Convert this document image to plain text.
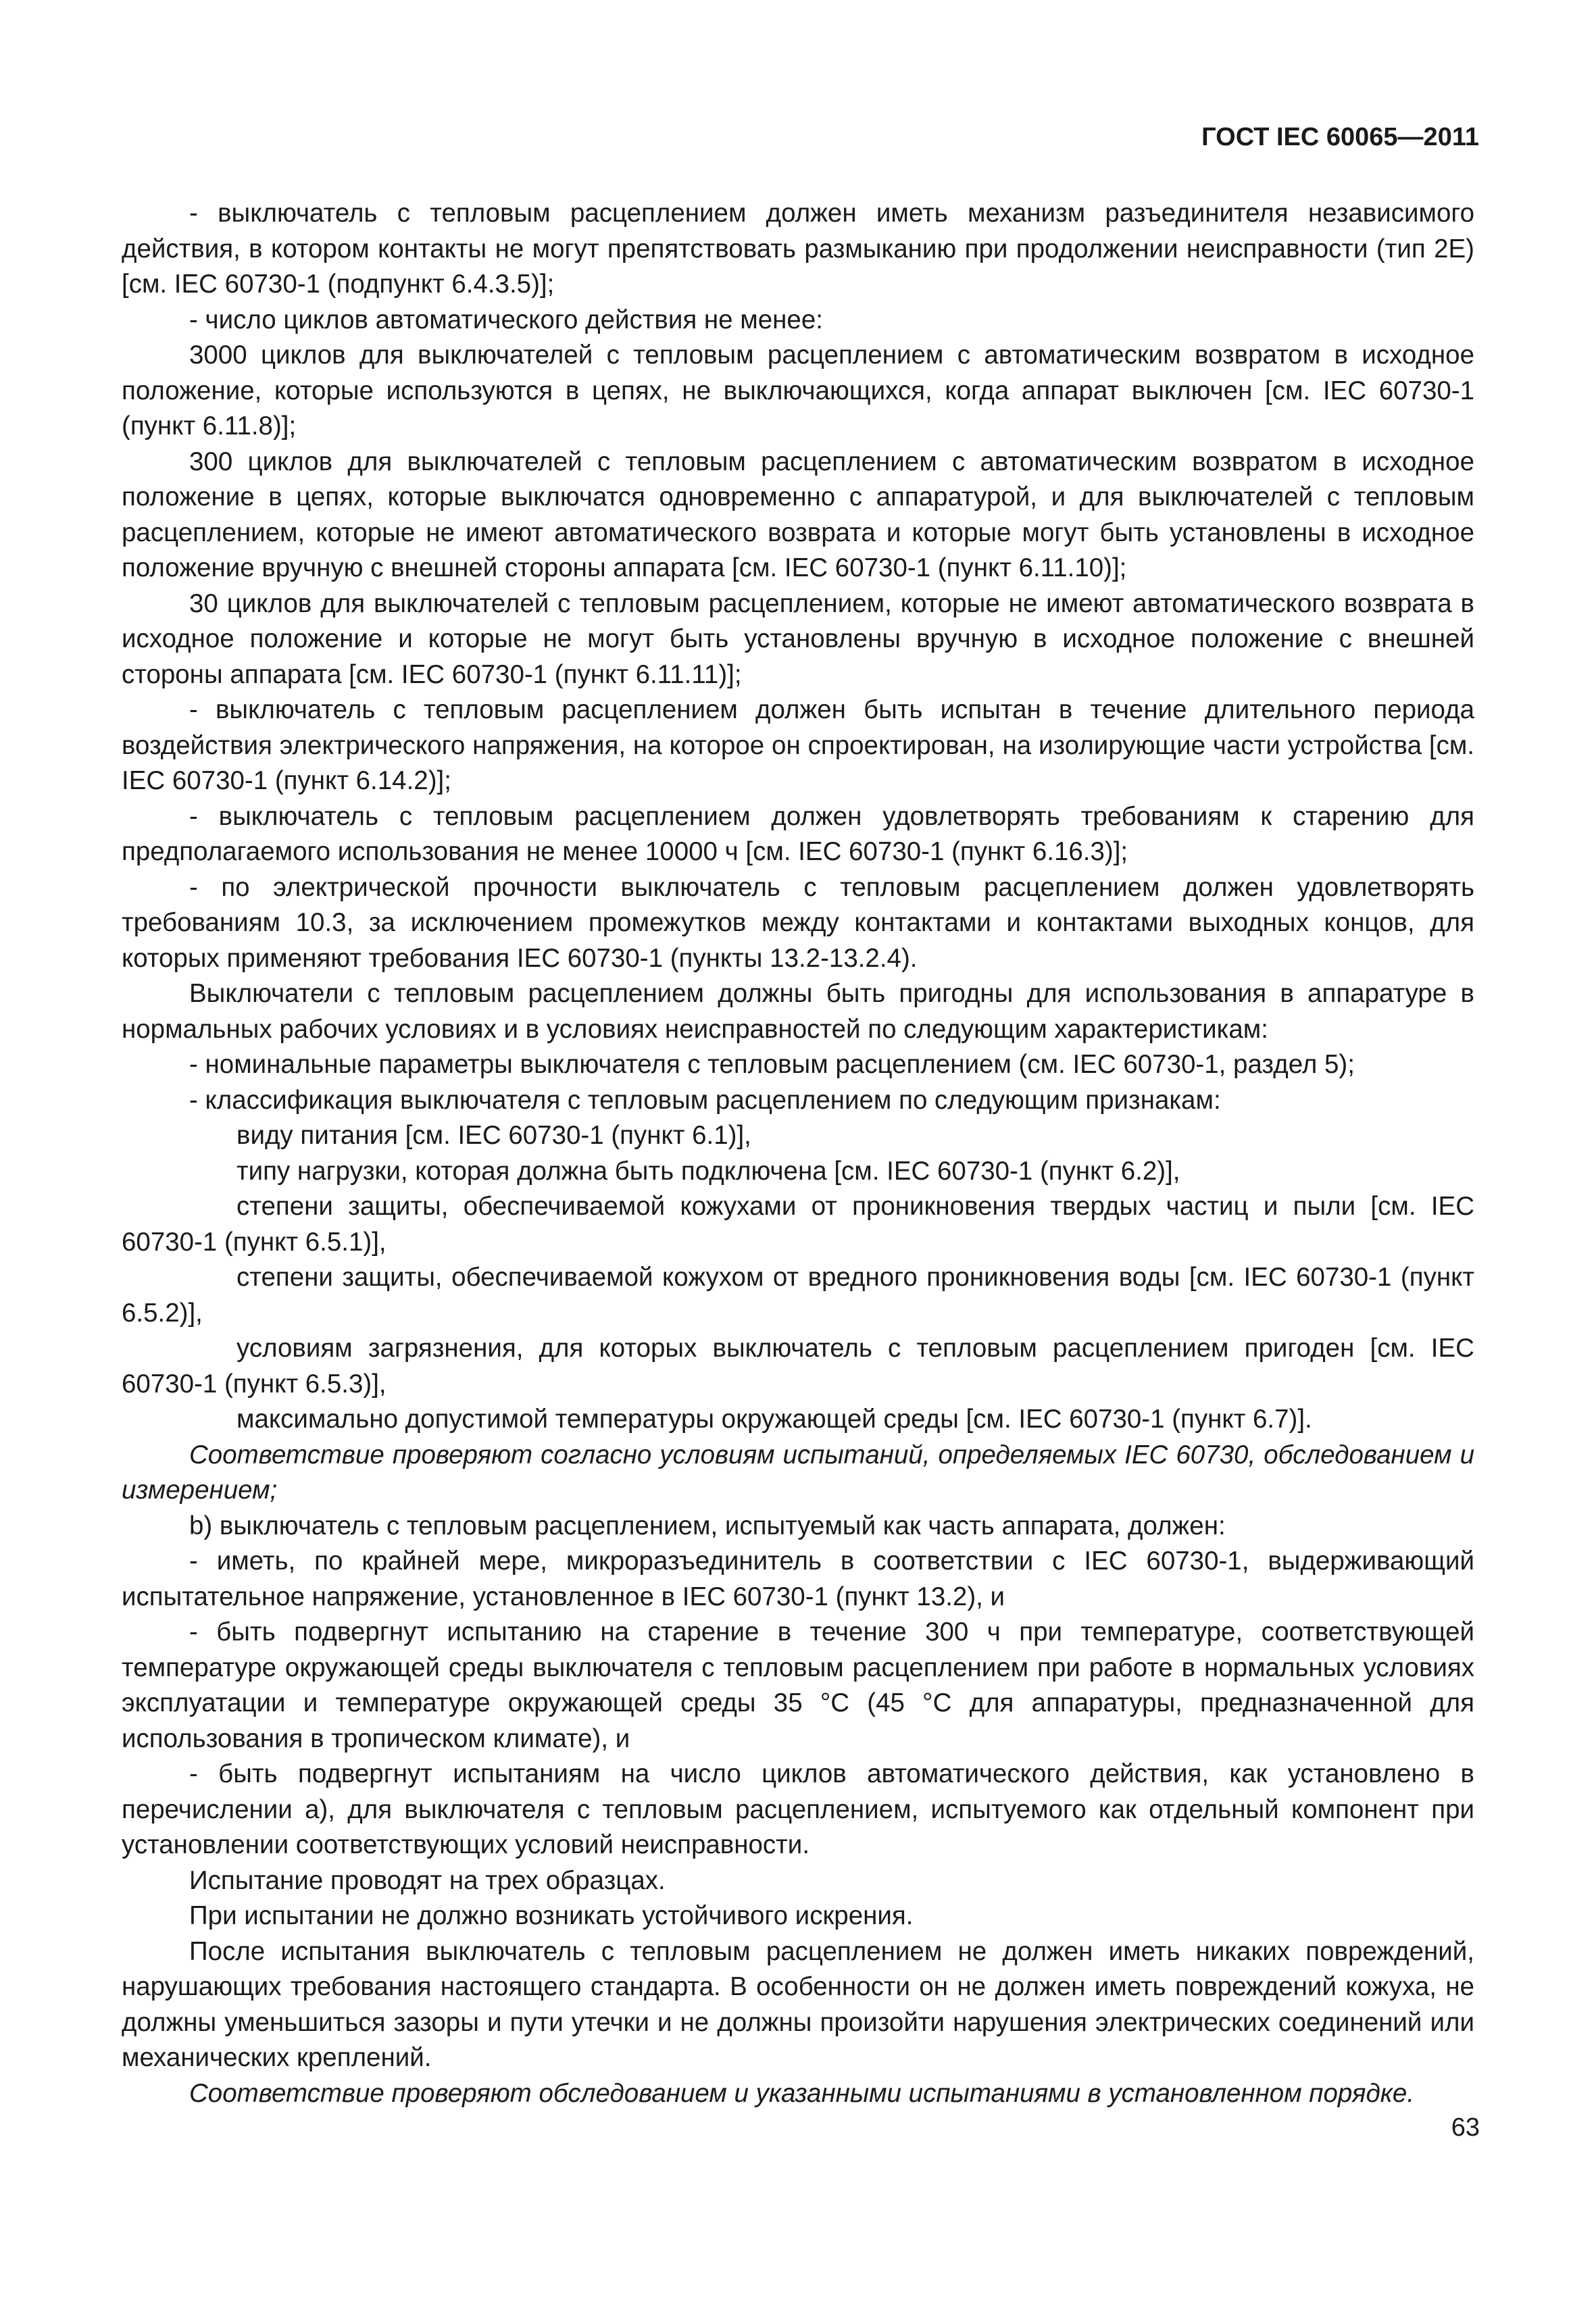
ГОСТ IEC 60065—2011

- выключатель с тепловым расцеплением должен иметь механизм разъединителя независимого действия, в котором контакты не могут препятствовать размыканию при продолжении неисправности (тип 2E) [см. IEC 60730-1 (подпункт 6.4.3.5)];

- число циклов автоматического действия не менее:

3000 циклов для выключателей с тепловым расцеплением с автоматическим возвратом в исходное положение, которые используются в цепях, не выключающихся, когда аппарат выключен [см. IEC 60730-1 (пункт 6.11.8)];

300 циклов для выключателей с тепловым расцеплением с автоматическим возвратом в исходное положение в цепях, которые выключатся одновременно с аппаратурой, и для выключателей с тепловым расцеплением, которые не имеют автоматического возврата и которые могут быть установлены в исходное положение вручную с внешней стороны аппарата [см. IEC 60730-1 (пункт 6.11.10)];

30 циклов для выключателей с тепловым расцеплением, которые не имеют автоматического возврата в исходное положение и которые не могут быть установлены вручную в исходное положение с внешней стороны аппарата [см. IEC 60730-1 (пункт 6.11.11)];

- выключатель с тепловым расцеплением должен быть испытан в течение длительного периода воздействия электрического напряжения, на которое он спроектирован, на изолирующие части устройства [см. IEC 60730-1 (пункт 6.14.2)];

- выключатель с тепловым расцеплением должен удовлетворять требованиям к старению для предполагаемого использования не менее 10000 ч [см. IEC 60730-1 (пункт 6.16.3)];

- по электрической прочности выключатель с тепловым расцеплением должен удовлетворять требованиям 10.3, за исключением промежутков между контактами и контактами выходных концов, для которых применяют требования IEC 60730-1 (пункты 13.2-13.2.4).

Выключатели с тепловым расцеплением должны быть пригодны для использования в аппаратуре в нормальных рабочих условиях и в условиях неисправностей по следующим характеристикам:

- номинальные параметры выключателя с тепловым расцеплением (см. IEC 60730-1, раздел 5);

- классификация выключателя с тепловым расцеплением по следующим признакам:

виду питания [см. IEC 60730-1 (пункт 6.1)],

типу нагрузки, которая должна быть подключена [см. IEC 60730-1 (пункт 6.2)],

степени защиты, обеспечиваемой кожухами от проникновения твердых частиц и пыли [см. IEC 60730-1 (пункт 6.5.1)],

степени защиты, обеспечиваемой кожухом от вредного проникновения воды [см. IEC 60730-1 (пункт 6.5.2)],

условиям загрязнения, для которых выключатель с тепловым расцеплением пригоден [см. IEC 60730-1 (пункт 6.5.3)],

максимально допустимой температуры окружающей среды [см. IEC 60730-1 (пункт 6.7)].

Соответствие проверяют согласно условиям испытаний, определяемых IEC 60730, обследованием и измерением;

b) выключатель с тепловым расцеплением, испытуемый как часть аппарата, должен:

- иметь, по крайней мере, микроразъединитель в соответствии с IEC 60730-1, выдерживающий испытательное напряжение, установленное в IEC 60730-1 (пункт 13.2), и

- быть подвергнут испытанию на старение в течение 300 ч при температуре, соответствующей температуре окружающей среды выключателя с тепловым расцеплением при работе в нормальных условиях эксплуатации и температуре окружающей среды 35 °С (45 °С для аппаратуры, предназначенной для использования в тропическом климате), и

- быть подвергнут испытаниям на число циклов автоматического действия, как установлено в перечислении а), для выключателя с тепловым расцеплением, испытуемого как отдельный компонент при установлении соответствующих условий неисправности.

Испытание проводят на трех образцах.

При испытании не должно возникать устойчивого искрения.

После испытания выключатель с тепловым расцеплением не должен иметь никаких повреждений, нарушающих требования настоящего стандарта. В особенности он не должен иметь повреждений кожуха, не должны уменьшиться зазоры и пути утечки и не должны произойти нарушения электрических соединений или механических креплений.

Соответствие проверяют обследованием и указанными испытаниями в установленном порядке.

63
